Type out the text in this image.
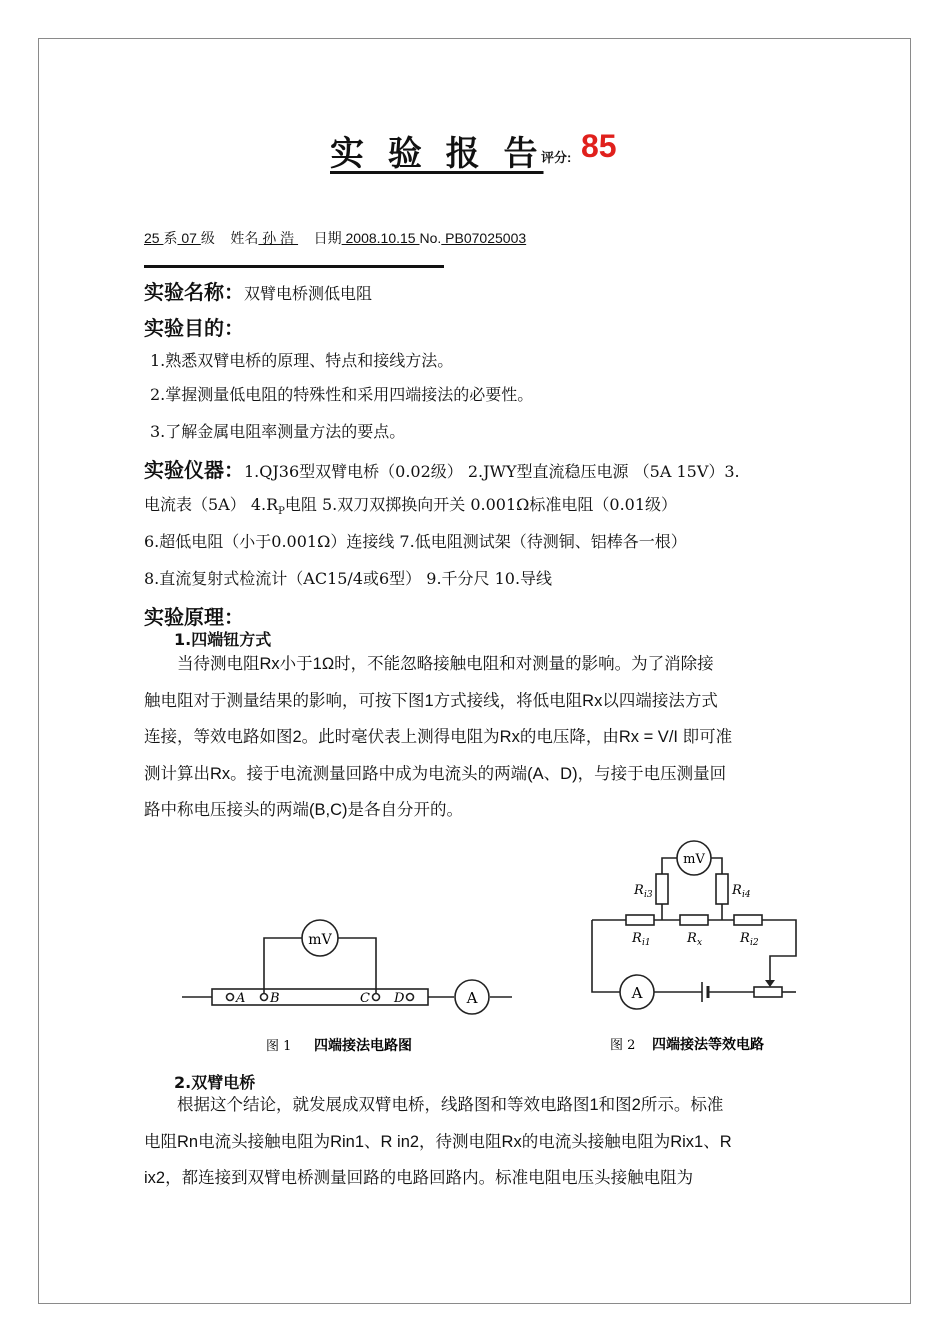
实 验 报 告
评分: 85
25 系 07 级 姓名 孙 浩     日期 2008.10.15 No. PB07025003
实验名称：双臂电桥测低电阻
实验目的：
1.熟悉双臂电桥的原理、特点和接线方法。
2.掌握测量低电阻的特殊性和采用四端接法的必要性。
3.了解金属电阻率测量方法的要点。
实验仪器：1.QJ36型双臂电桥（0.02级） 2.JWY型直流稳压电源 （5A 15V）3.
电流表（5A） $4.R_P$电阻 5.双刀双掷换向开关 0.001Ω标准电阻（0.01级）
6.超低电阻（小于0.001Ω）连接线 7.低电阻测试架（待测铜、铝棒各一根）
8.直流复射式检流计（AC15/4或6型） 9.千分尺 10.导线
实验原理：
1.四端钮方式
　　当待测电阻Rx小于1Ω时，不能忽略接触电阻和对测量的影响。为了消除接
触电阻对于测量结果的影响，可按下图1方式接线，将低电阻Rx以四端接法方式
连接，等效电路如图2。此时毫伏表上测得电阻为Rx的电压降，由Rx = V/I 即可准
测计算出Rx。接于电流测量回路中成为电流头的两端(A、D)，与接于电压测量回
路中称电压接头的两端(B,C)是各自分开的。
mV
A
A B	C D
图 1 四端接法电路图
mV
A
R i3	R i4
R i1	R x	R i2
图 2 四端接法等效电路
2.双臂电桥
　　根据这个结论，就发展成双臂电桥，线路图和等效电路图1和图2所示。标准
电阻Rn电流头接触电阻为Rin1、R in2，待测电阻Rx的电流头接触电阻为Rix1、R
ix2，都连接到双臂电桥测量回路的电路回路内。标准电阻电压头接触电阻为
